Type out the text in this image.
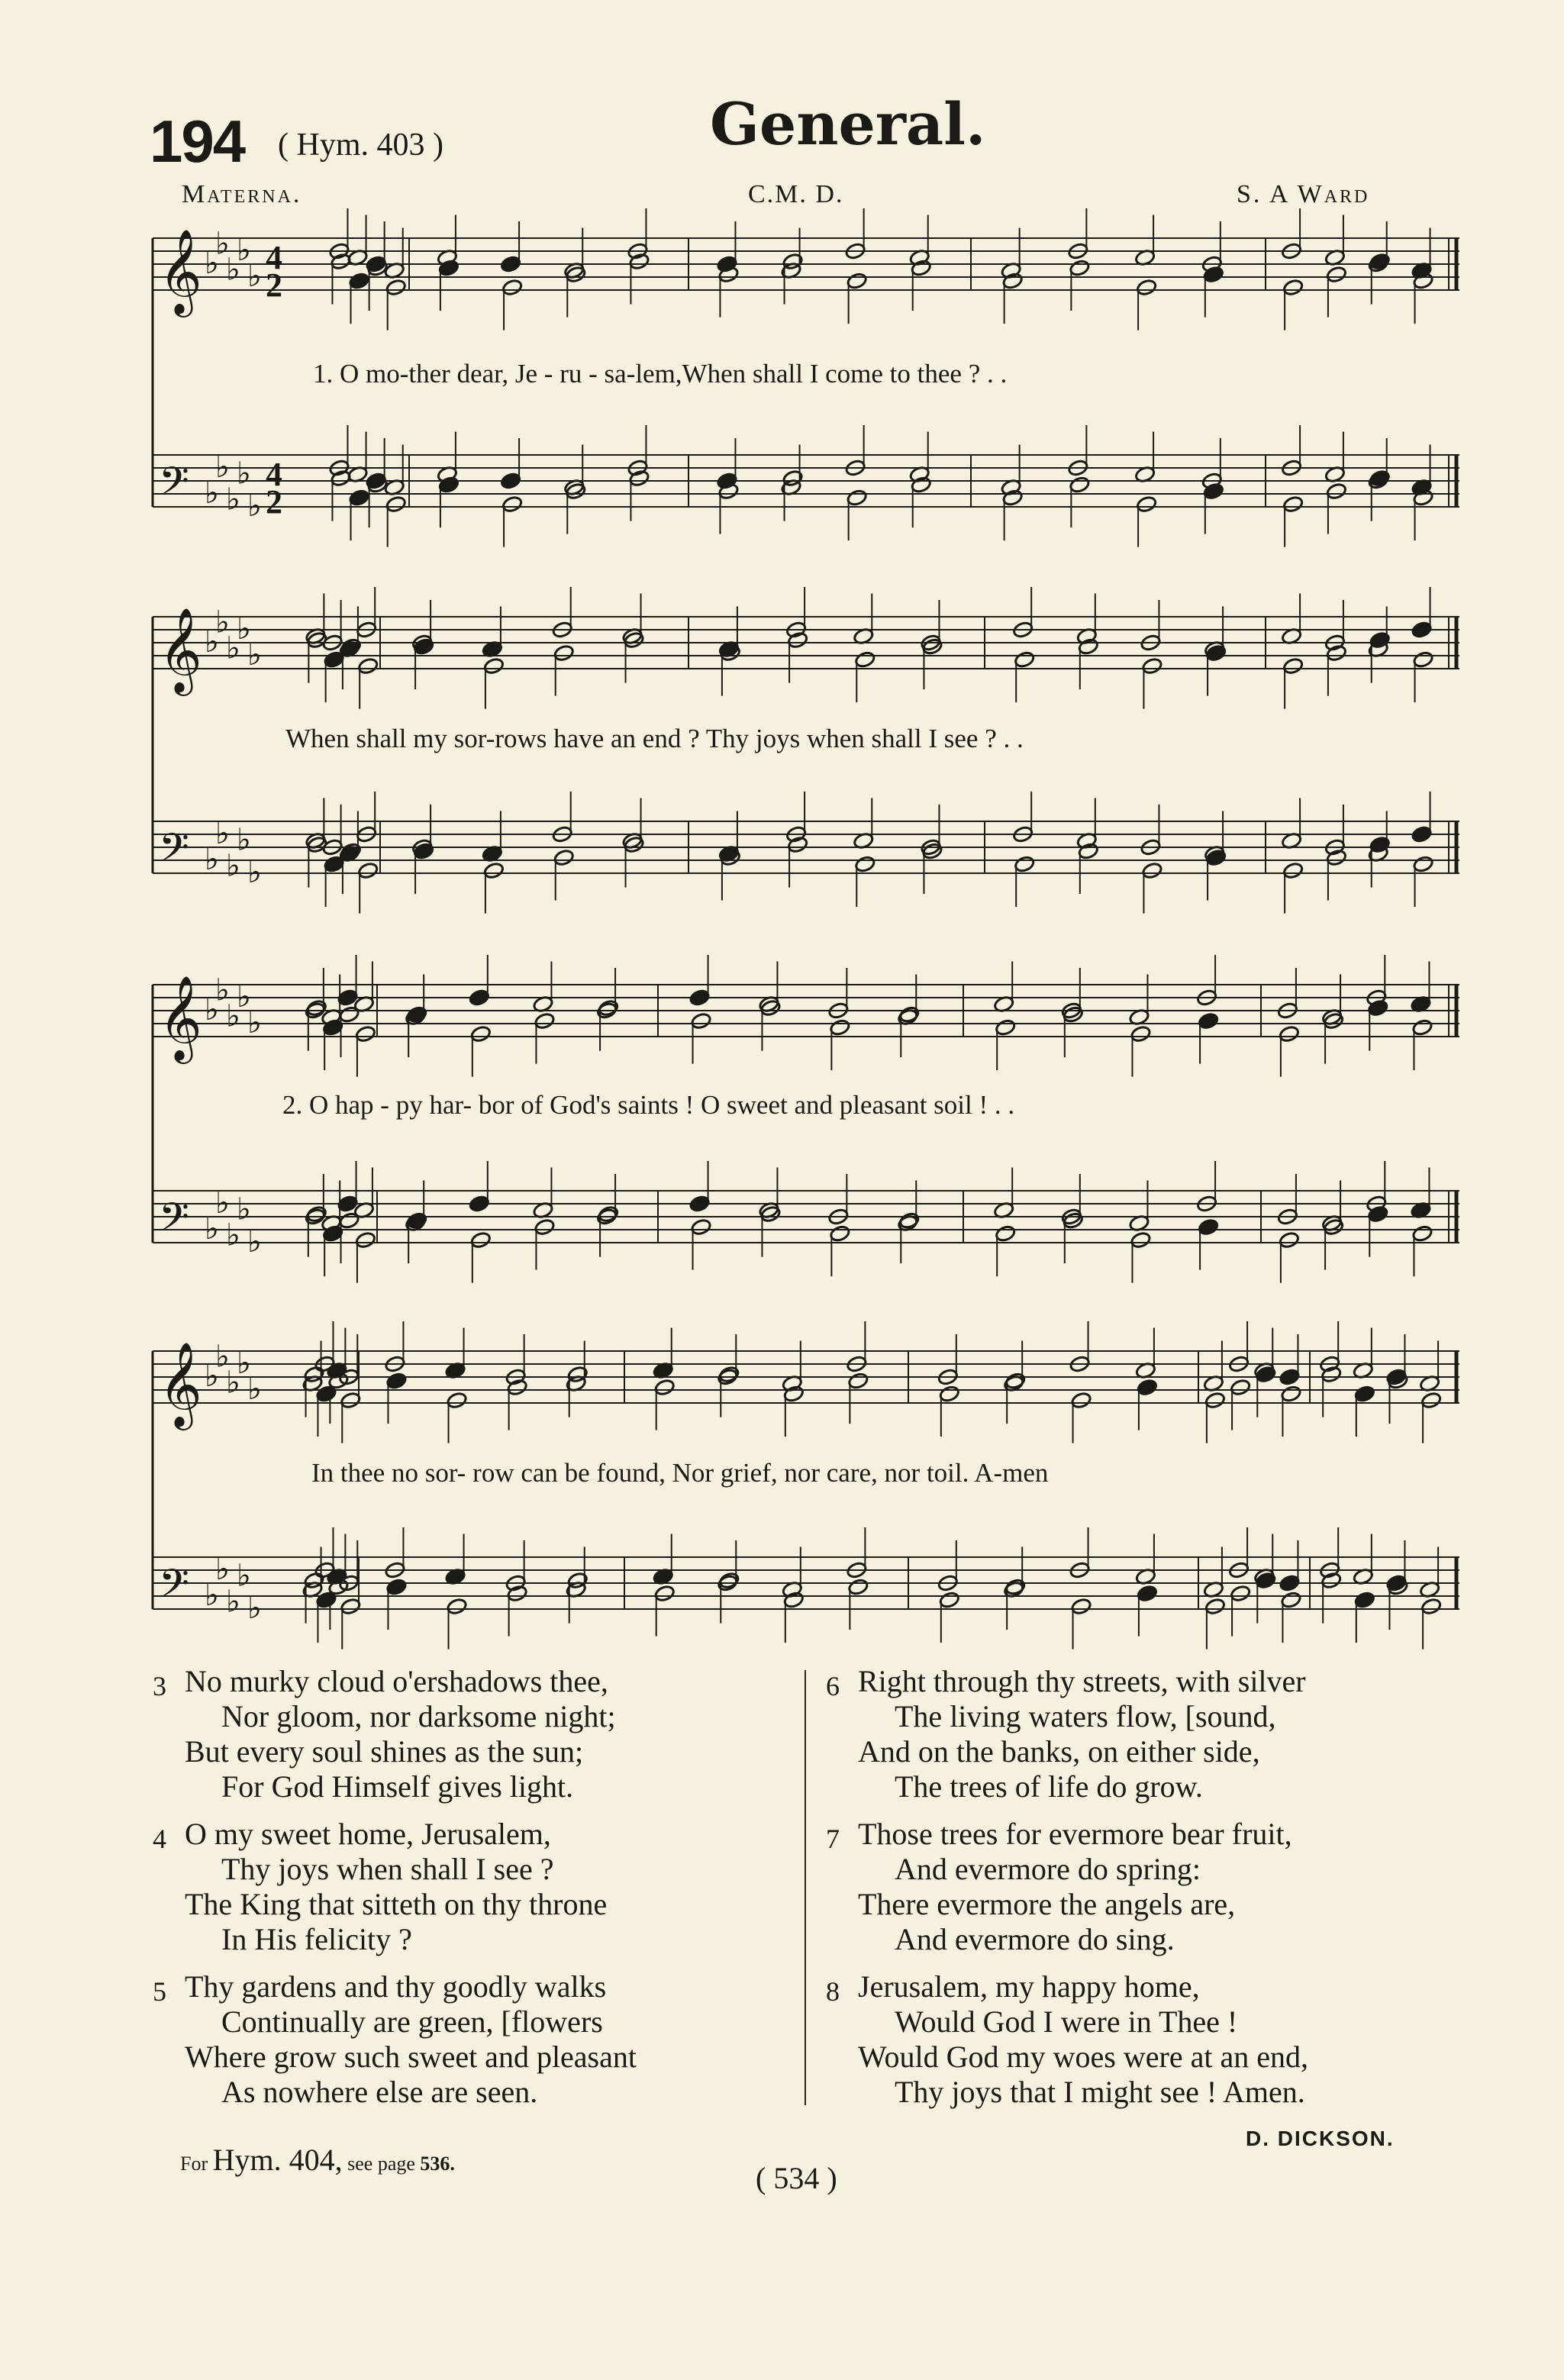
194 ( Hym. 403 )	General.
Materna.	C.M. D.	S. A Ward
𝄞 ♭
♭
♭
♭
♭ 4
2
𝄢 ♭
♭
♭
♭
♭
4
2
𝄞 ♭
♭
♭
♭
♭
𝄢 ♭
♭
♭
♭
♭
𝄞 ♭
♭
♭
♭
♭
𝄢 ♭
♭
♭
♭
♭
𝄞 ♭
♭
♭
♭
♭
𝄢 ♭
♭
♭
♭
♭
1. O mo-ther dear, Je - ru - sa-lem,When shall I come to thee ? . .
When shall my sor-rows have an end ? Thy joys when shall I see ? . .
2. O hap - py har- bor of God's saints ! O sweet and pleasant soil ! . .
In thee no sor- row can be found, Nor grief, nor care, nor toil. A-men
3 No murky cloud o'ershadows thee,
Nor gloom, nor darksome night;
But every soul shines as the sun;
For God Himself gives light.
4 O my sweet home, Jerusalem,
Thy joys when shall I see ?
The King that sitteth on thy throne
In His felicity ?
5 Thy gardens and thy goodly walks
Continually are green, [flowers
Where grow such sweet and pleasant
As nowhere else are seen.
6 Right through thy streets, with silver
The living waters flow, [sound,
And on the banks, on either side,
The trees of life do grow.
7 Those trees for evermore bear fruit,
And evermore do spring:
There evermore the angels are,
And evermore do sing.
8 Jerusalem, my happy home,
Would God I were in Thee !
Would God my woes were at an end,
Thy joys that I might see ! Amen.
D. DICKSON.
For Hym. 404, see page 536.	( 534 )
